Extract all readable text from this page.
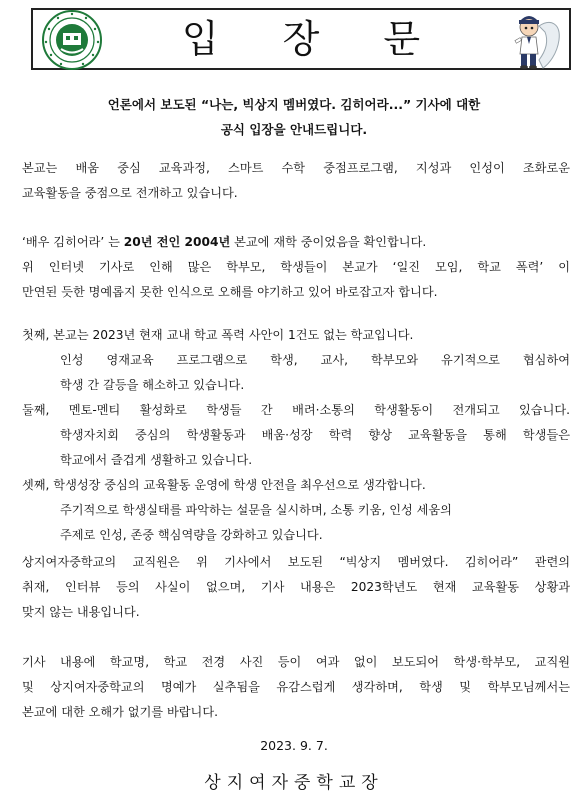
입 장 문
언론에서 보도된 “나는, 빅상지 멤버였다. 김히어라...” 기사에 대한
공식 입장을 안내드립니다.
본교는 배움 중심 교육과정, 스마트 수학 중점프로그램, 지성과 인성이 조화로운
교육활동을 중점으로 전개하고 있습니다.
‘배우 김히어라’ 는 20년 전인 2004년 본교에 재학 중이었음을 확인합니다.
위 인터넷 기사로 인해 많은 학부모, 학생들이 본교가 ‘일진 모임, 학교 폭력’ 이
만연된 듯한 명예롭지 못한 인식으로 오해를 야기하고 있어 바로잡고자 합니다.
첫째, 본교는 2023년 현재 교내 학교 폭력 사안이 1건도 없는 학교입니다.
인성 영재교육 프로그램으로 학생, 교사, 학부모와 유기적으로 협심하여
학생 간 갈등을 해소하고 있습니다.
둘째, 멘토-멘티 활성화로 학생들 간 배려·소통의 학생활동이 전개되고 있습니다.
학생자치회 중심의 학생활동과 배움·성장 학력 향상 교육활동을 통해 학생들은
학교에서 즐겁게 생활하고 있습니다.
셋째, 학생성장 중심의 교육활동 운영에 학생 안전을 최우선으로 생각합니다.
주기적으로 학생실태를 파악하는 설문을 실시하며, 소통 키움, 인성 세움의
주제로 인성, 존중 핵심역량을 강화하고 있습니다.
상지여자중학교의 교직원은 위 기사에서 보도된 “빅상지 멤버였다. 김히어라” 관련의
취재, 인터뷰 등의 사실이 없으며, 기사 내용은 2023학년도 현재 교육활동 상황과
맞지 않는 내용입니다.
기사 내용에 학교명, 학교 전경 사진 등이 여과 없이 보도되어 학생·학부모, 교직원
및 상지여자중학교의 명예가 실추됨을 유감스럽게 생각하며, 학생 및 학부모님께서는
본교에 대한 오해가 없기를 바랍니다.
2023. 9. 7.
상지여자중학교장
